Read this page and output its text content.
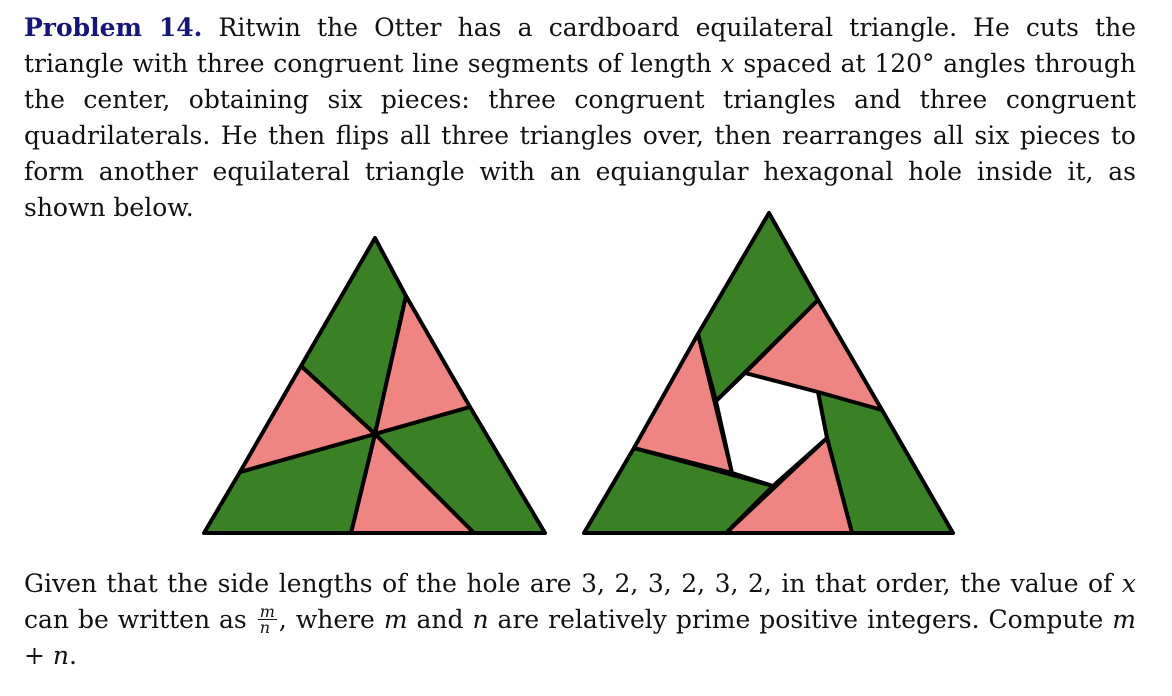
Problem 14. Ritwin the Otter has a cardboard equilateral triangle. He cuts the triangle with three congruent line segments of length x spaced at 120° angles through the center, obtaining six pieces: three congruent triangles and three congruent quadrilaterals. He then flips all three triangles over, then rearranges all six pieces to form another equilateral triangle with an equiangular hexagonal hole inside it, as shown below.
Given that the side lengths of the hole are 3, 2, 3, 2, 3, 2, in that order, the value of x can be written as $\frac{m}{n}$ , where m and n are relatively prime positive integers. Compute m + n.
